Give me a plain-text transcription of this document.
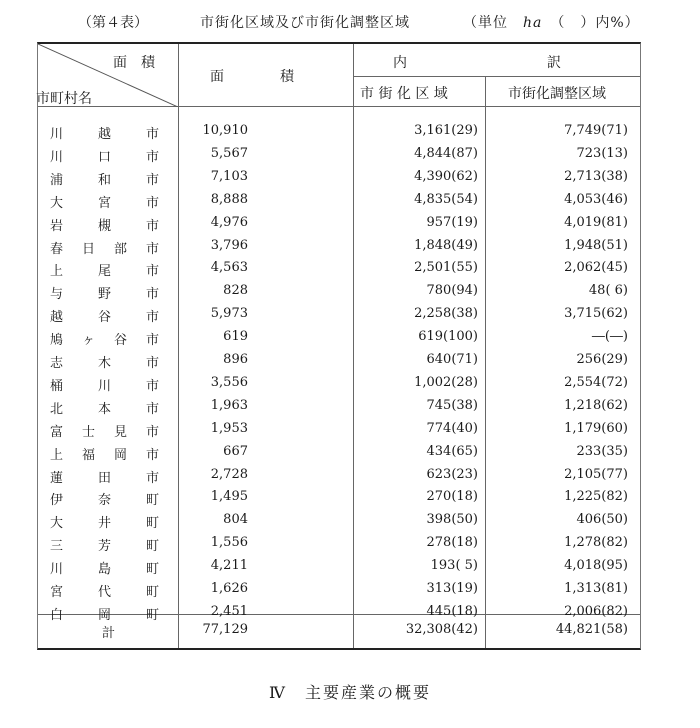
（第４表）	市街化区域及び市街化調整区域	（単位　 ha　 （　）内%）
面　積
市町村名
面　　　　積
内　　　　　　　　　　訳
市 街 化 区 域	市街化調整区域
川	越	市	10,910	3,161(29)	7,749(71)
川	口	市	5,567	4,844(87)	723(13)
浦	和	市	7,103	4,390(62)	2,713(38)
大	宮	市	8,888	4,835(54)	4,053(46)
岩	槻	市	4,976	957(19)	4,019(81)
春 日 部 市	3,796	1,848(49)	1,948(51)
上	尾	市	4,563	2,501(55)	2,062(45)
与	野	市	828	780(94)	48( 6)
越	谷	市	5,973	2,258(38)	3,715(62)
鳩 ヶ 谷 市	619	619(100)	―(―)
志	木	市	896	640(71)	256(29)
桶	川	市	3,556	1,002(28)	2,554(72)
北	本	市	1,963	745(38)	1,218(62)
富 士 見 市	1,953	774(40)	1,179(60)
上 福 岡 市	667	434(65)	233(35)
蓮	田	市	2,728	623(23)	2,105(77)
伊	奈	町	1,495	270(18)	1,225(82)
大	井	町	804	398(50)	406(50)
三	芳	町	1,556	278(18)	1,278(82)
川	島	町	4,211	193( 5)	4,018(95)
宮	代	町	1,626	313(19)	1,313(81)
白	岡	町	2,451	445(18)	2,006(82)
計	77,129	32,308(42)	44,821(58)
Ⅳ　主要産業の概要
